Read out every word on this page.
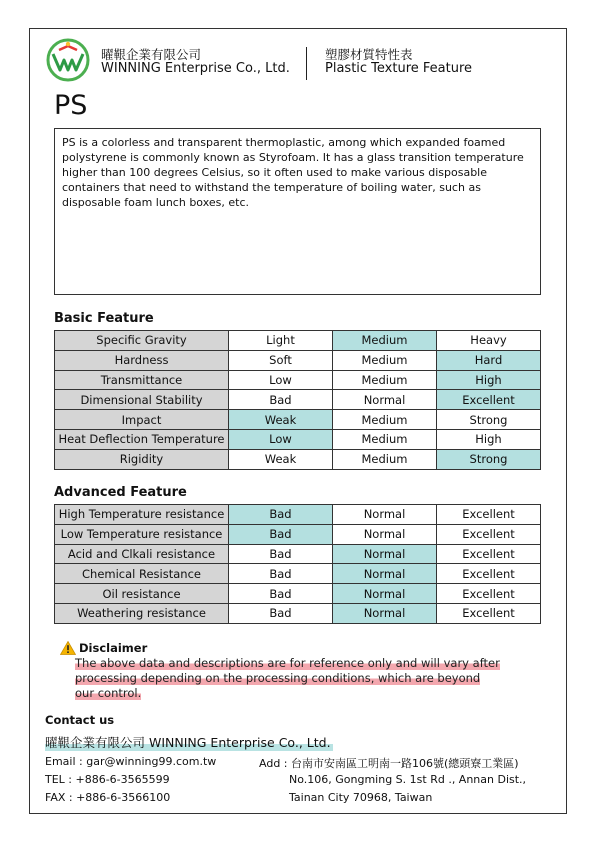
曜鞎企業有限公司
WINNING Enterprise Co., Ltd.
塑膠材質特性表
Plastic Texture Feature
PS
PS is a colorless and transparent thermoplastic, among which expanded foamed polystyrene is commonly known as Styrofoam. It has a glass transition temperature higher than 100 degrees Celsius, so it often used to make various disposable containers that need to withstand the temperature of boiling water, such as disposable foam lunch boxes, etc.
Basic Feature
Specific Gravity	Light	Medium	Heavy
Hardness	Soft	Medium	Hard
Transmittance	Low	Medium	High
Dimensional Stability	Bad	Normal	Excellent
Impact	Weak	Medium	Strong
Heat Deflection Temperature	Low	Medium	High
Rigidity	Weak	Medium	Strong
Advanced Feature
High Temperature resistance	Bad	Normal	Excellent
Low Temperature resistance	Bad	Normal	Excellent
Acid and Clkali resistance	Bad	Normal	Excellent
Chemical Resistance	Bad	Normal	Excellent
Oil resistance	Bad	Normal	Excellent
Weathering resistance	Bad	Normal	Excellent
Disclaimer
The above data and descriptions are for reference only and will vary after
processing depending on the processing conditions, which are beyond
our control.
Contact us
曜鞎企業有限公司 WINNING Enterprise Co., Ltd.
Email : gar@winning99.com.tw
TEL : +886-6-3565599
FAX : +886-6-3566100
Add : 台南市安南區工明南一路106號(總頭寮工業區)
No.106, Gongming S. 1st Rd ., Annan Dist.,
Tainan City 70968, Taiwan
